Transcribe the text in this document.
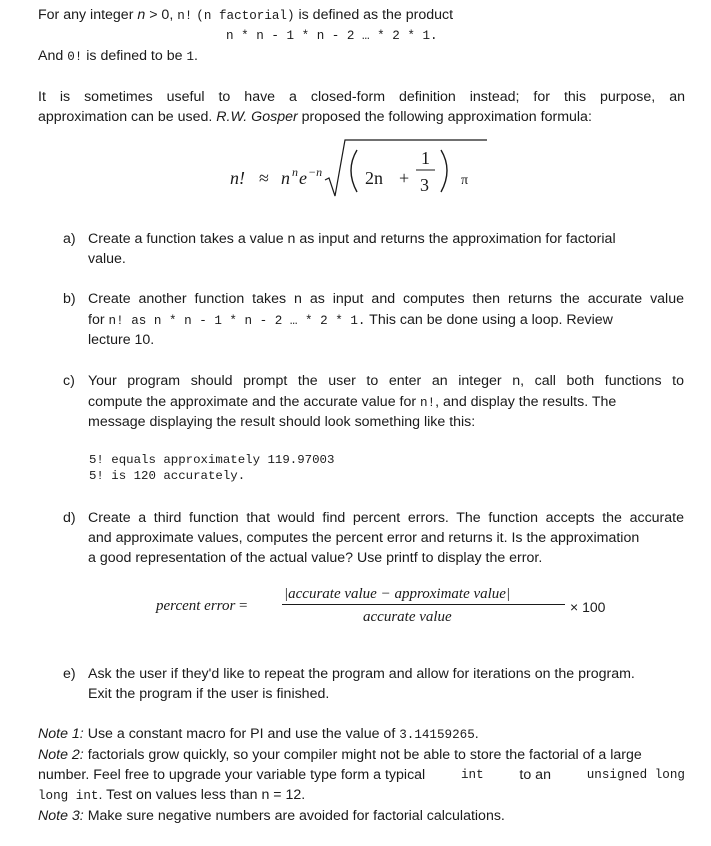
For any integer n > 0, n! (n factorial) is defined as the product
n * n - 1 * n - 2 … * 2 * 1.
And 0! is defined to be 1.
It is sometimes useful to have a closed-form definition instead; for this purpose, an
approximation can be used. R.W. Gosper proposed the following approximation formula:
n! ≈ n n e −n 2n +
1
3 π
a) Create a function takes a value n as input and returns the approximation for factorial
value.
b) Create another function takes n as input and computes then returns the accurate value
for n! as n * n - 1 * n - 2 … * 2 * 1. This can be done using a loop. Review
lecture 10.
c) Your program should prompt the user to enter an integer n, call both functions to
compute the approximate and the accurate value for n!, and display the results. The
message displaying the result should look something like this:
5! equals approximately 119.97003
5! is 120 accurately.
d) Create a third function that would find percent errors. The function accepts the accurate
and approximate values, computes the percent error and returns it. Is the approximation
a good representation of the actual value? Use printf to display the error.
percent error =
|accurate value − approximate value|
accurate value
× 100
e) Ask the user if they'd like to repeat the program and allow for iterations on the program.
Exit the program if the user is finished.
Note 1: Use a constant macro for PI and use the value of 3.14159265.
Note 2: factorials grow quickly, so your compiler might not be able to store the factorial of a large
number. Feel free to upgrade your variable type form a typical	int	to an	unsigned long
long int. Test on values less than n = 12.
Note 3: Make sure negative numbers are avoided for factorial calculations.
